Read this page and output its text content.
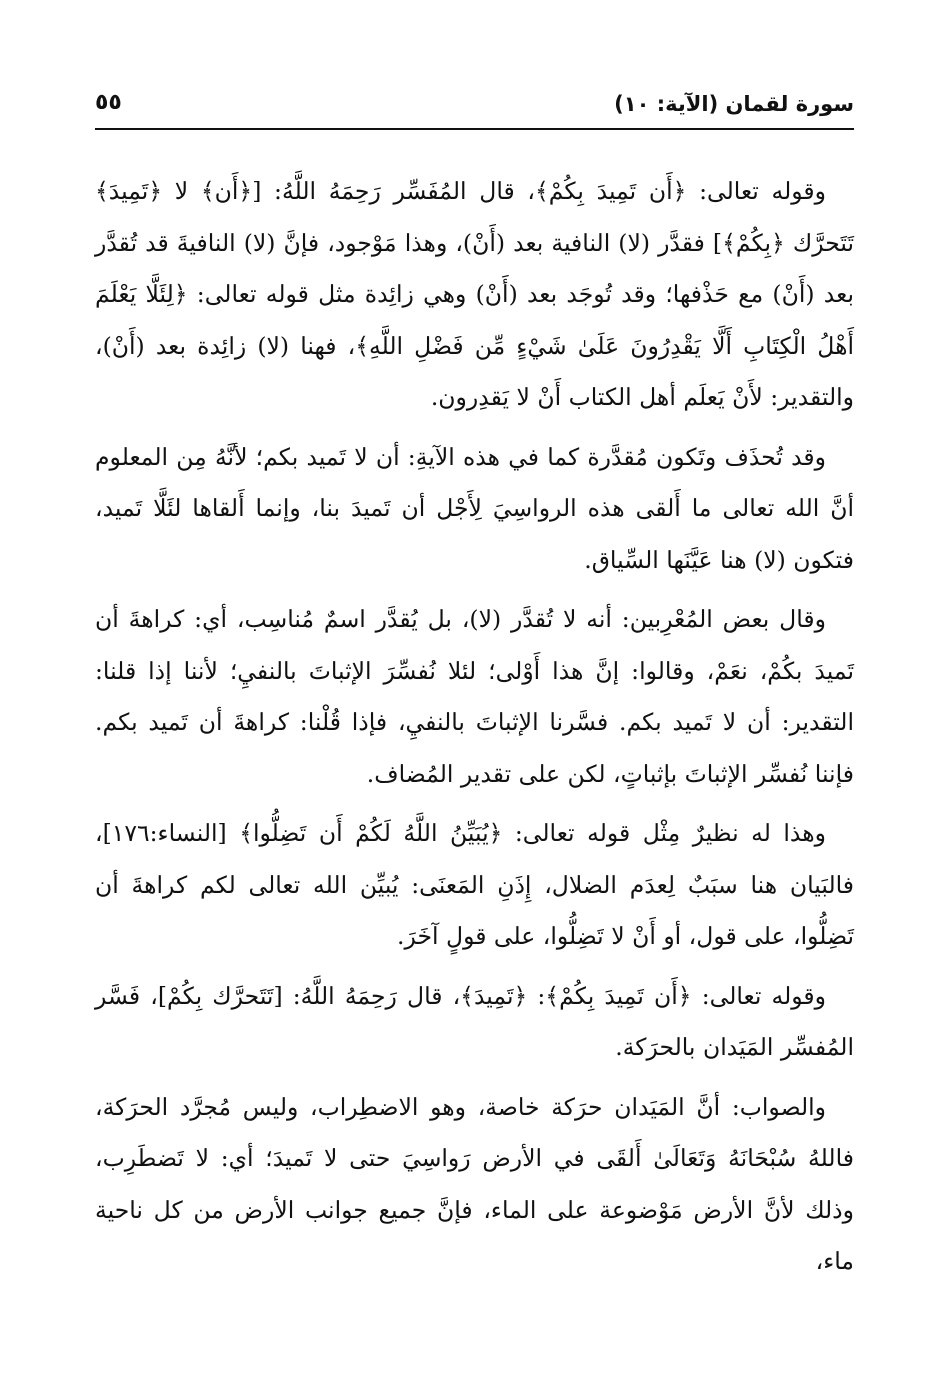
سورة لقمان (الآية: ١٠)
٥٥

وقوله تعالى: ﴿أَن تَمِيدَ بِكُمْ﴾، قال المُفَسِّر رَحِمَهُ اللَّهُ: [﴿أَن﴾ لا ﴿تَمِيدَ﴾ تَتَحرَّك ﴿بِكُمْ﴾] فقدَّر (لا) النافية بعد (أَنْ)، وهذا مَوْجود، فإنَّ (لا) النافيةَ قد تُقدَّر بعد (أَنْ) مع حَذْفها؛ وقد تُوجَد بعد (أَنْ) وهي زائِدة مثل قوله تعالى: ﴿لِئَلَّا يَعْلَمَ أَهْلُ الْكِتَابِ أَلَّا يَقْدِرُونَ عَلَىٰ شَيْءٍ مِّن فَضْلِ اللَّهِ﴾، فهنا (لا) زائِدة بعد (أَنْ)، والتقدير: لأَنْ يَعلَم أهل الكتاب أَنْ لا يَقدِرون.

وقد تُحذَف وتَكون مُقدَّرة كما في هذه الآيةِ: أن لا تَميد بكم؛ لأنَّهُ مِن المعلوم أنَّ الله تعالى ما أَلقى هذه الرواسِيَ لِأَجْل أن تَميدَ بنا، وإنما أَلقاها لئَلَّا تَميد، فتكون (لا) هنا عَيَّنَها السِّياق.

وقال بعض المُعْرِبين: أنه لا تُقدَّر (لا)، بل يُقدَّر اسمٌ مُناسِب، أي: كراهةَ أن تَميدَ بكُمْ، نعَمْ، وقالوا: إنَّ هذا أَوْلى؛ لئلا نُفسِّرَ الإثباتَ بالنفيِ؛ لأننا إذا قلنا: التقدير: أن لا تَميد بكم. فسَّرنا الإثباتَ بالنفيِ، فإذا قُلْنا: كراهةَ أن تَميد بكم. فإننا نُفسِّر الإثباتَ بإثباتٍ، لكن على تقدير المُضاف.

وهذا له نظيرٌ مِثْل قوله تعالى: ﴿يُبَيِّنُ اللَّهُ لَكُمْ أَن تَضِلُّوا﴾ [النساء:١٧٦]، فالبَيان هنا سبَبٌ لِعدَم الضلال، إِذَنِ المَعنَى: يُبيِّن الله تعالى لكم كراهةَ أن تَضِلُّوا، على قول، أو أَنْ لا تَضِلُّوا، على قولٍ آخَرَ.

وقوله تعالى: ﴿أَن تَمِيدَ بِكُمْ﴾: ﴿تَمِيدَ﴾، قال رَحِمَهُ اللَّهُ: [تَتَحرَّك بِكُمْ]، فَسَّر المُفسِّر المَيَدان بالحرَكة.

والصواب: أنَّ المَيَدان حرَكة خاصة، وهو الاضطِراب، وليس مُجرَّد الحرَكة، فاللهُ سُبْحَانَهُ وَتَعَالَىٰ أَلقَى في الأرض رَواسِيَ حتى لا تَميدَ؛ أي: لا تَضطَرِب، وذلك لأنَّ الأرض مَوْضوعة على الماء، فإنَّ جميع جوانب الأرض من كل ناحية ماء،
